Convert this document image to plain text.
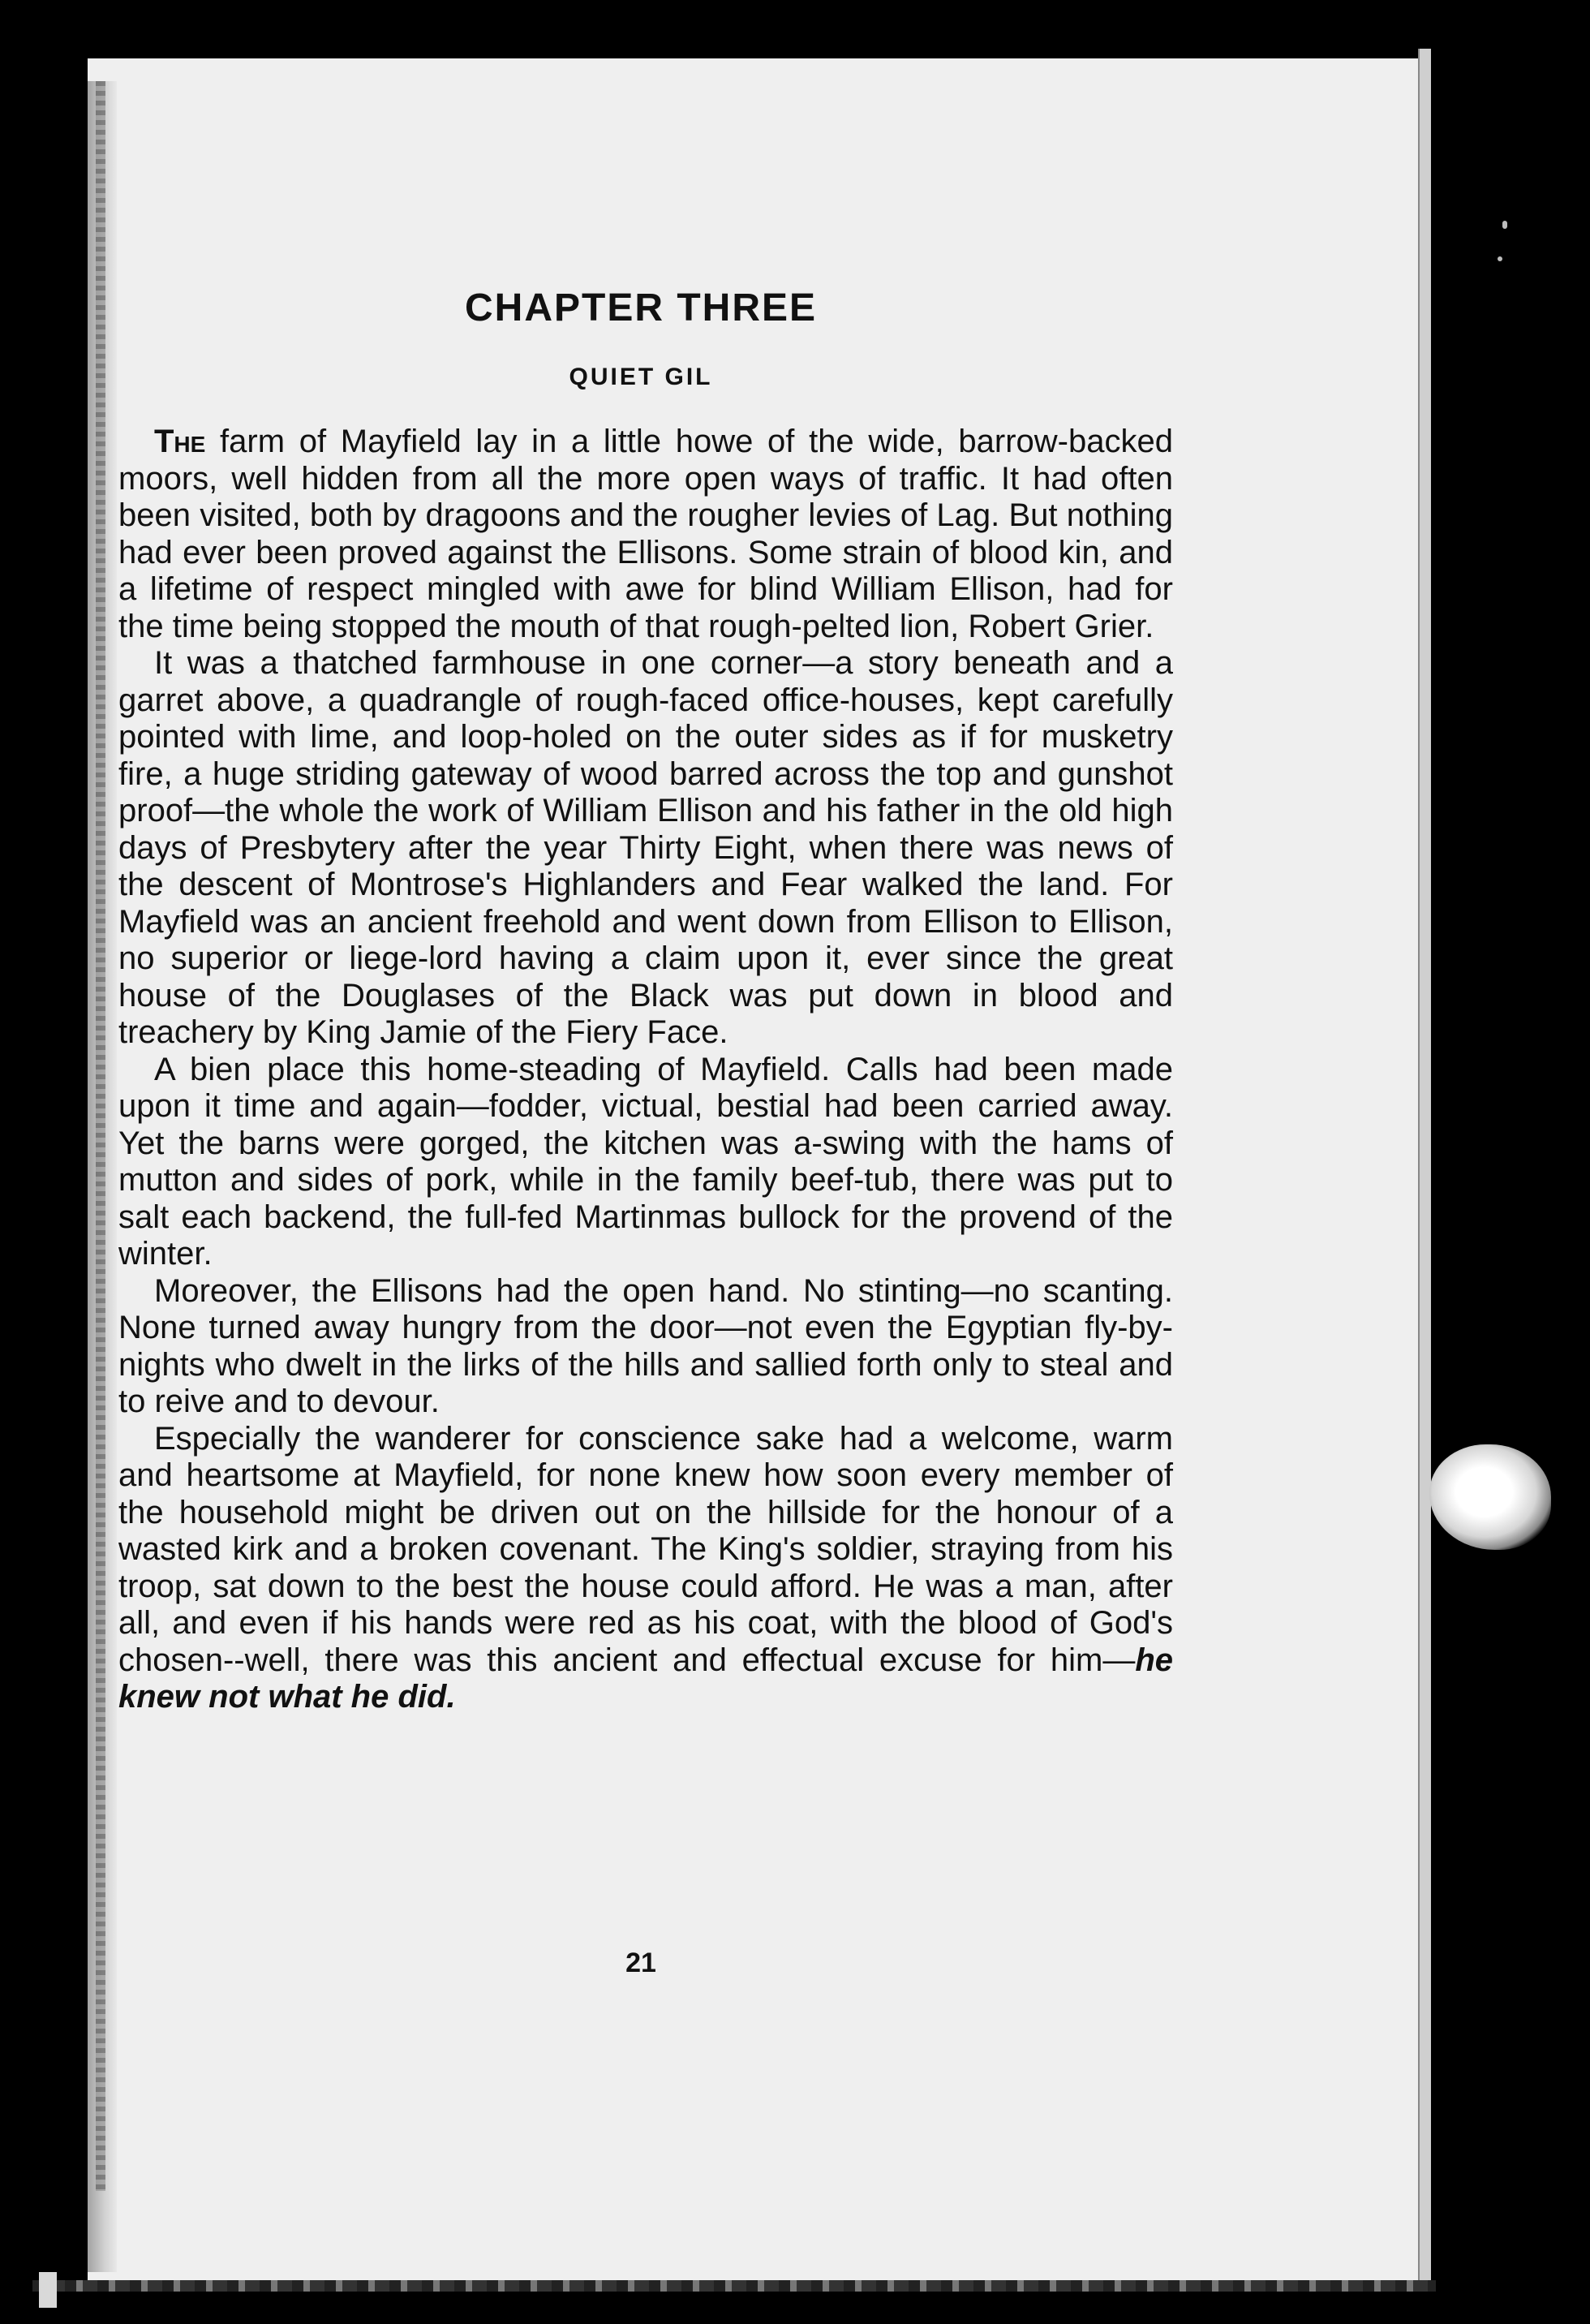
CHAPTER THREE
QUIET GIL

The farm of Mayfield lay in a little howe of the wide, barrow-backed moors, well hidden from all the more open ways of traffic. It had often been visited, both by dragoons and the rougher levies of Lag. But nothing had ever been proved against the Ellisons. Some strain of blood kin, and a lifetime of respect mingled with awe for blind William Ellison, had for the time being stopped the mouth of that rough-pelted lion, Robert Grier.

It was a thatched farmhouse in one corner—a story beneath and a garret above, a quadrangle of rough-faced office-houses, kept carefully pointed with lime, and loop-holed on the outer sides as if for musketry fire, a huge striding gateway of wood barred across the top and gunshot proof—the whole the work of William Ellison and his father in the old high days of Presbytery after the year Thirty Eight, when there was news of the descent of Montrose's Highlanders and Fear walked the land. For Mayfield was an ancient freehold and went down from Ellison to Ellison, no superior or liege-lord having a claim upon it, ever since the great house of the Douglases of the Black was put down in blood and treachery by King Jamie of the Fiery Face.

A bien place this home-steading of Mayfield. Calls had been made upon it time and again—fodder, victual, bestial had been carried away. Yet the barns were gorged, the kitchen was a-swing with the hams of mutton and sides of pork, while in the family beef-tub, there was put to salt each backend, the full-fed Martinmas bullock for the provend of the winter.

Moreover, the Ellisons had the open hand. No stinting—no scanting. None turned away hungry from the door—not even the Egyptian fly-by-nights who dwelt in the lirks of the hills and sallied forth only to steal and to reive and to devour.

Especially the wanderer for conscience sake had a welcome, warm and heartsome at Mayfield, for none knew how soon every member of the household might be driven out on the hillside for the honour of a wasted kirk and a broken covenant. The King's soldier, straying from his troop, sat down to the best the house could afford. He was a man, after all, and even if his hands were red as his coat, with the blood of God's chosen--well, there was this ancient and effectual excuse for him—he knew not what he did.

21
